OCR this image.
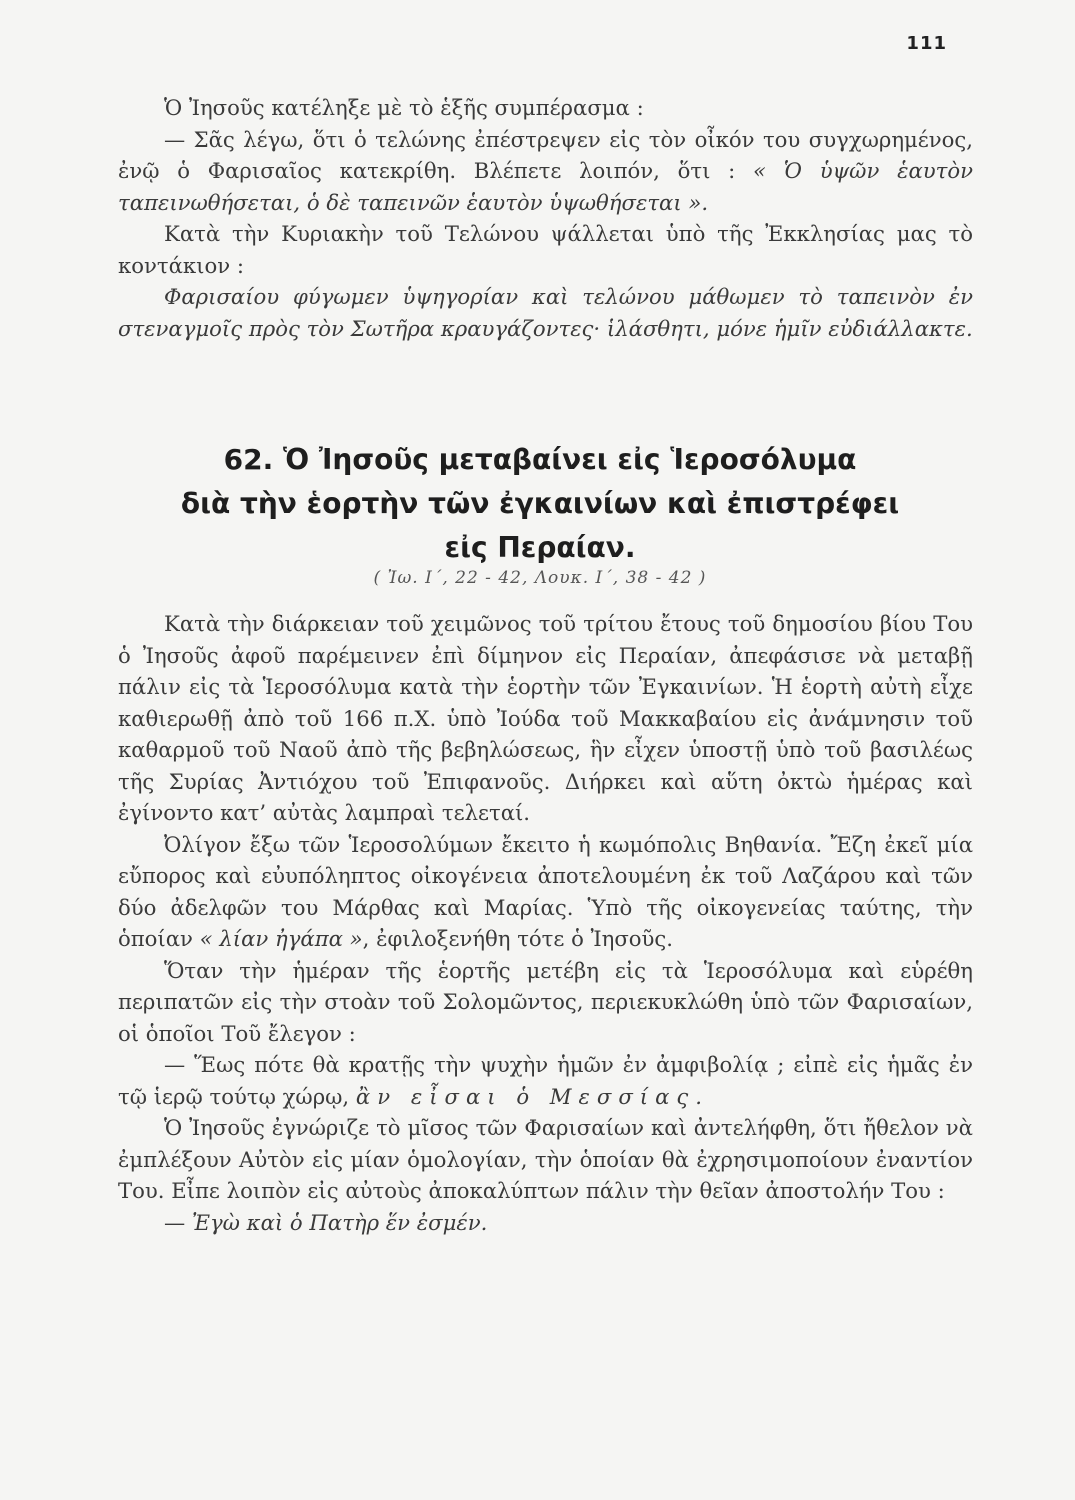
111

Ὁ Ἰησοῦς κατέληξε μὲ τὸ ἑξῆς συμπέρασμα :

— Σᾶς λέγω, ὅτι ὁ τελώνης ἐπέστρεψεν εἰς τὸν οἶκόν του συγχωρημένος, ἐνῷ ὁ Φαρισαῖος κατεκρίθη. Βλέπετε λοιπόν, ὅτι : « Ὁ ὑψῶν ἑαυτὸν ταπεινωθήσεται, ὁ δὲ ταπεινῶν ἑαυτὸν ὑψωθήσεται ».

Κατὰ τὴν Κυριακὴν τοῦ Τελώνου ψάλλεται ὑπὸ τῆς Ἐκκλησίας μας τὸ κοντάκιον :

Φαρισαίου φύγωμεν ὑψηγορίαν καὶ τελώνου μάθωμεν τὸ ταπεινὸν ἐν στεναγμοῖς πρὸς τὸν Σωτῆρα κραυγάζοντες· ἱλάσθητι, μόνε ἡμῖν εὐδιάλλακτε.

62. Ὁ Ἰησοῦς μεταβαίνει εἰς Ἱεροσόλυμα
διὰ τὴν ἑορτὴν τῶν ἐγκαινίων καὶ ἐπιστρέφει
εἰς Περαίαν.
( Ἰω. Ι΄, 22 - 42, Λουκ. Ι΄, 38 - 42 )

Κατὰ τὴν διάρκειαν τοῦ χειμῶνος τοῦ τρίτου ἔτους τοῦ δημοσίου βίου Του ὁ Ἰησοῦς ἀφοῦ παρέμεινεν ἐπὶ δίμηνον εἰς Περαίαν, ἀπεφάσισε νὰ μεταβῇ πάλιν εἰς τὰ Ἱεροσόλυμα κατὰ τὴν ἑορτὴν τῶν Ἐγκαινίων. Ἡ ἑορτὴ αὐτὴ εἶχε καθιερωθῇ ἀπὸ τοῦ 166 π.Χ. ὑπὸ Ἰούδα τοῦ Μακκαβαίου εἰς ἀνάμνησιν τοῦ καθαρμοῦ τοῦ Ναοῦ ἀπὸ τῆς βεβηλώσεως, ἣν εἶχεν ὑποστῇ ὑπὸ τοῦ βασιλέως τῆς Συρίας Ἀντιόχου τοῦ Ἐπιφανοῦς. Διήρκει καὶ αὕτη ὀκτὼ ἡμέρας καὶ ἐγίνοντο κατ’ αὐτὰς λαμπραὶ τελεταί.

Ὀλίγον ἔξω τῶν Ἱεροσολύμων ἔκειτο ἡ κωμόπολις Βηθανία. Ἔζη ἐκεῖ μία εὔπορος καὶ εὐυπόληπτος οἰκογένεια ἀποτελουμένη ἐκ τοῦ Λαζάρου καὶ τῶν δύο ἀδελφῶν του Μάρθας καὶ Μαρίας. Ὑπὸ τῆς οἰκογενείας ταύτης, τὴν ὁποίαν « λίαν ἠγάπα », ἐφιλοξενήθη τότε ὁ Ἰησοῦς.

Ὅταν τὴν ἡμέραν τῆς ἑορτῆς μετέβη εἰς τὰ Ἱεροσόλυμα καὶ εὑρέθη περιπατῶν εἰς τὴν στοὰν τοῦ Σολομῶντος, περιεκυκλώθη ὑπὸ τῶν Φαρισαίων, οἱ ὁποῖοι Τοῦ ἔλεγον :

— Ἕως πότε θὰ κρατῇς τὴν ψυχὴν ἡμῶν ἐν ἀμφιβολίᾳ ; εἰπὲ εἰς ἡμᾶς ἐν τῷ ἱερῷ τούτῳ χώρῳ, ἂν εἶσαι ὁ Μεσσίας.

Ὁ Ἰησοῦς ἐγνώριζε τὸ μῖσος τῶν Φαρισαίων καὶ ἀντελήφθη, ὅτι ἤθελον νὰ ἐμπλέξουν Αὐτὸν εἰς μίαν ὁμολογίαν, τὴν ὁποίαν θὰ ἐχρησιμοποίουν ἐναντίον Του. Εἶπε λοιπὸν εἰς αὐτοὺς ἀποκαλύπτων πάλιν τὴν θεῖαν ἀποστολήν Του :

— Ἐγὼ καὶ ὁ Πατὴρ ἕν ἐσμέν.
